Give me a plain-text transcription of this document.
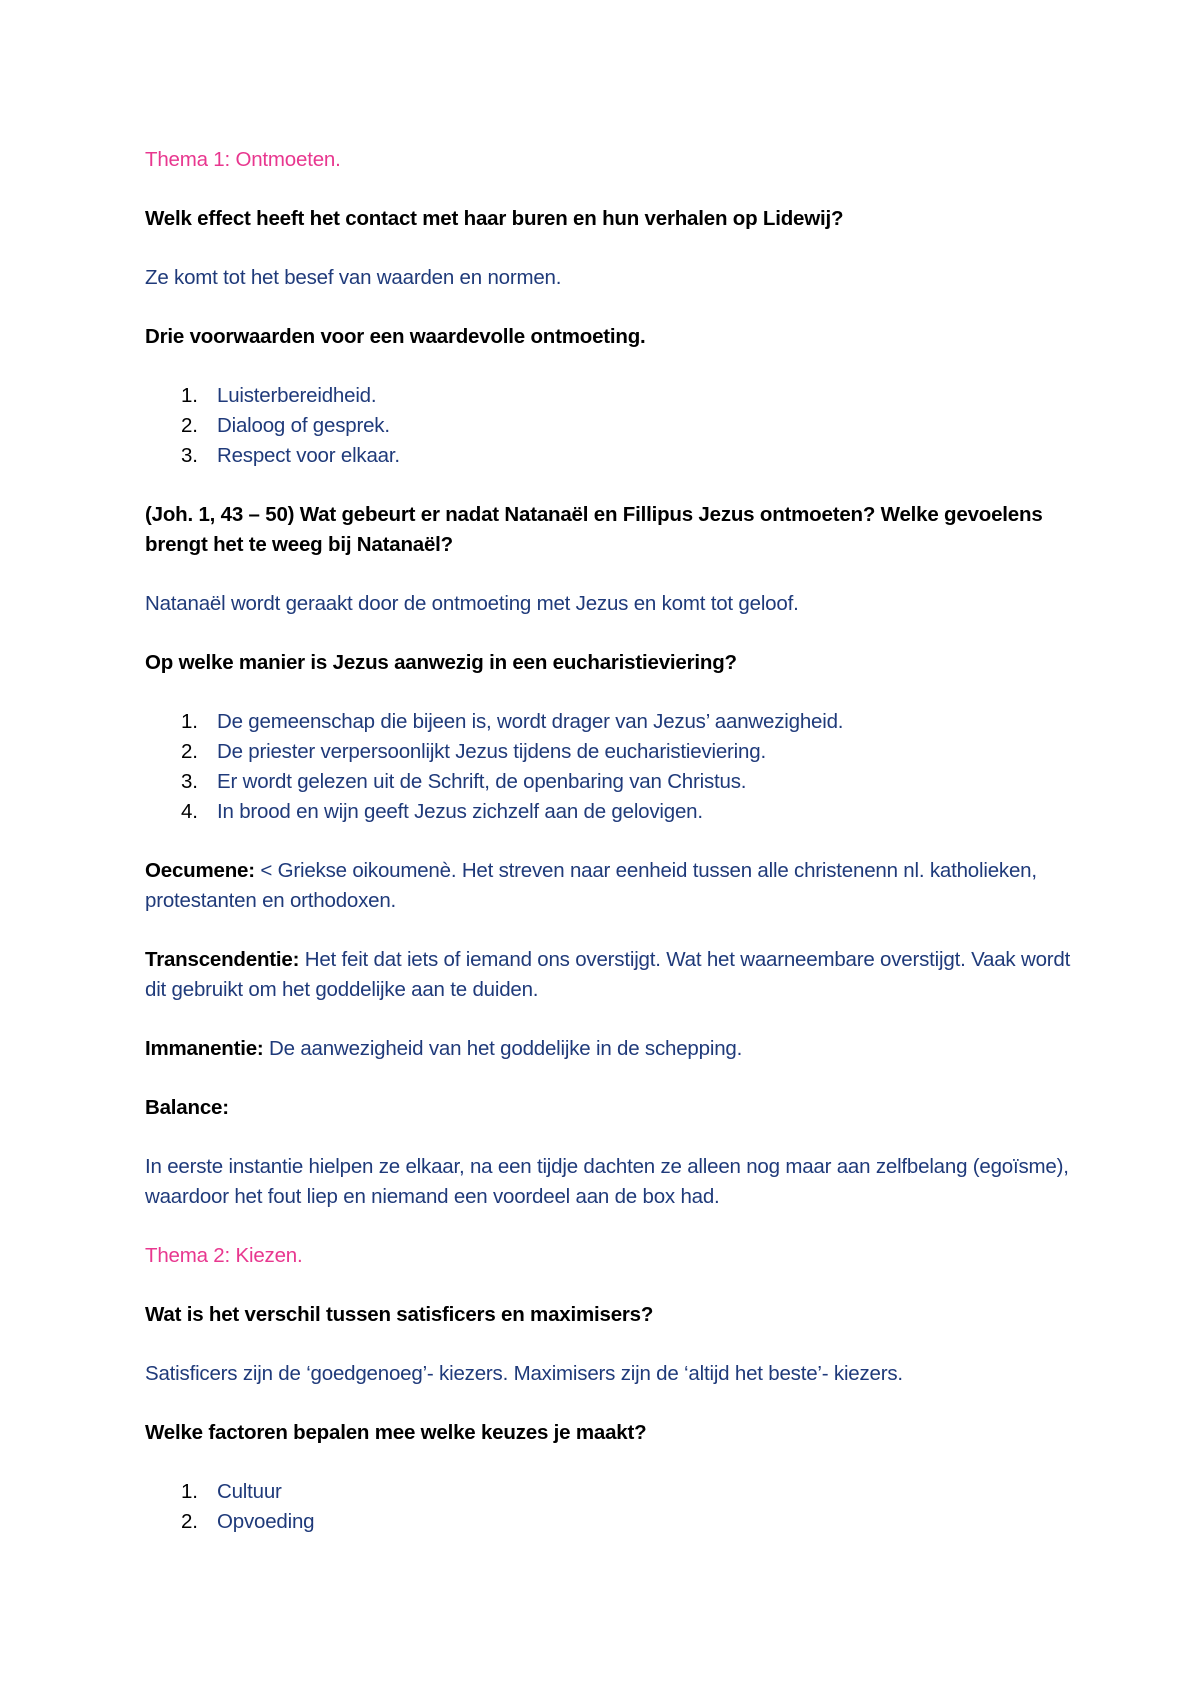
Thema 1: Ontmoeten.

Welk effect heeft het contact met haar buren en hun verhalen op Lidewij?

Ze komt tot het besef van waarden en normen.

Drie voorwaarden voor een waardevolle ontmoeting.

1. Luisterbereidheid.
2. Dialoog of gesprek.
3. Respect voor elkaar.

(Joh. 1, 43 – 50) Wat gebeurt er nadat Natanaël en Fillipus Jezus ontmoeten? Welke gevoelens brengt het te weeg bij Natanaël?

Natanaël wordt geraakt door de ontmoeting met Jezus en komt tot geloof.

Op welke manier is Jezus aanwezig in een eucharistieviering?

1. De gemeenschap die bijeen is, wordt drager van Jezus’ aanwezigheid.
2. De priester verpersoonlijkt Jezus tijdens de eucharistieviering.
3. Er wordt gelezen uit de Schrift, de openbaring van Christus.
4. In brood en wijn geeft Jezus zichzelf aan de gelovigen.

Oecumene: < Griekse oikoumenè. Het streven naar eenheid tussen alle christenenn nl. katholieken, protestanten en orthodoxen.

Transcendentie: Het feit dat iets of iemand ons overstijgt. Wat het waarneembare overstijgt. Vaak wordt dit gebruikt om het goddelijke aan te duiden.

Immanentie: De aanwezigheid van het goddelijke in de schepping.

Balance:

In eerste instantie hielpen ze elkaar, na een tijdje dachten ze alleen nog maar aan zelfbelang (egoïsme), waardoor het fout liep en niemand een voordeel aan de box had.

Thema 2: Kiezen.

Wat is het verschil tussen satisficers en maximisers?

Satisficers zijn de ‘goedgenoeg’- kiezers. Maximisers zijn de ‘altijd het beste’- kiezers.

Welke factoren bepalen mee welke keuzes je maakt?

1. Cultuur
2. Opvoeding
